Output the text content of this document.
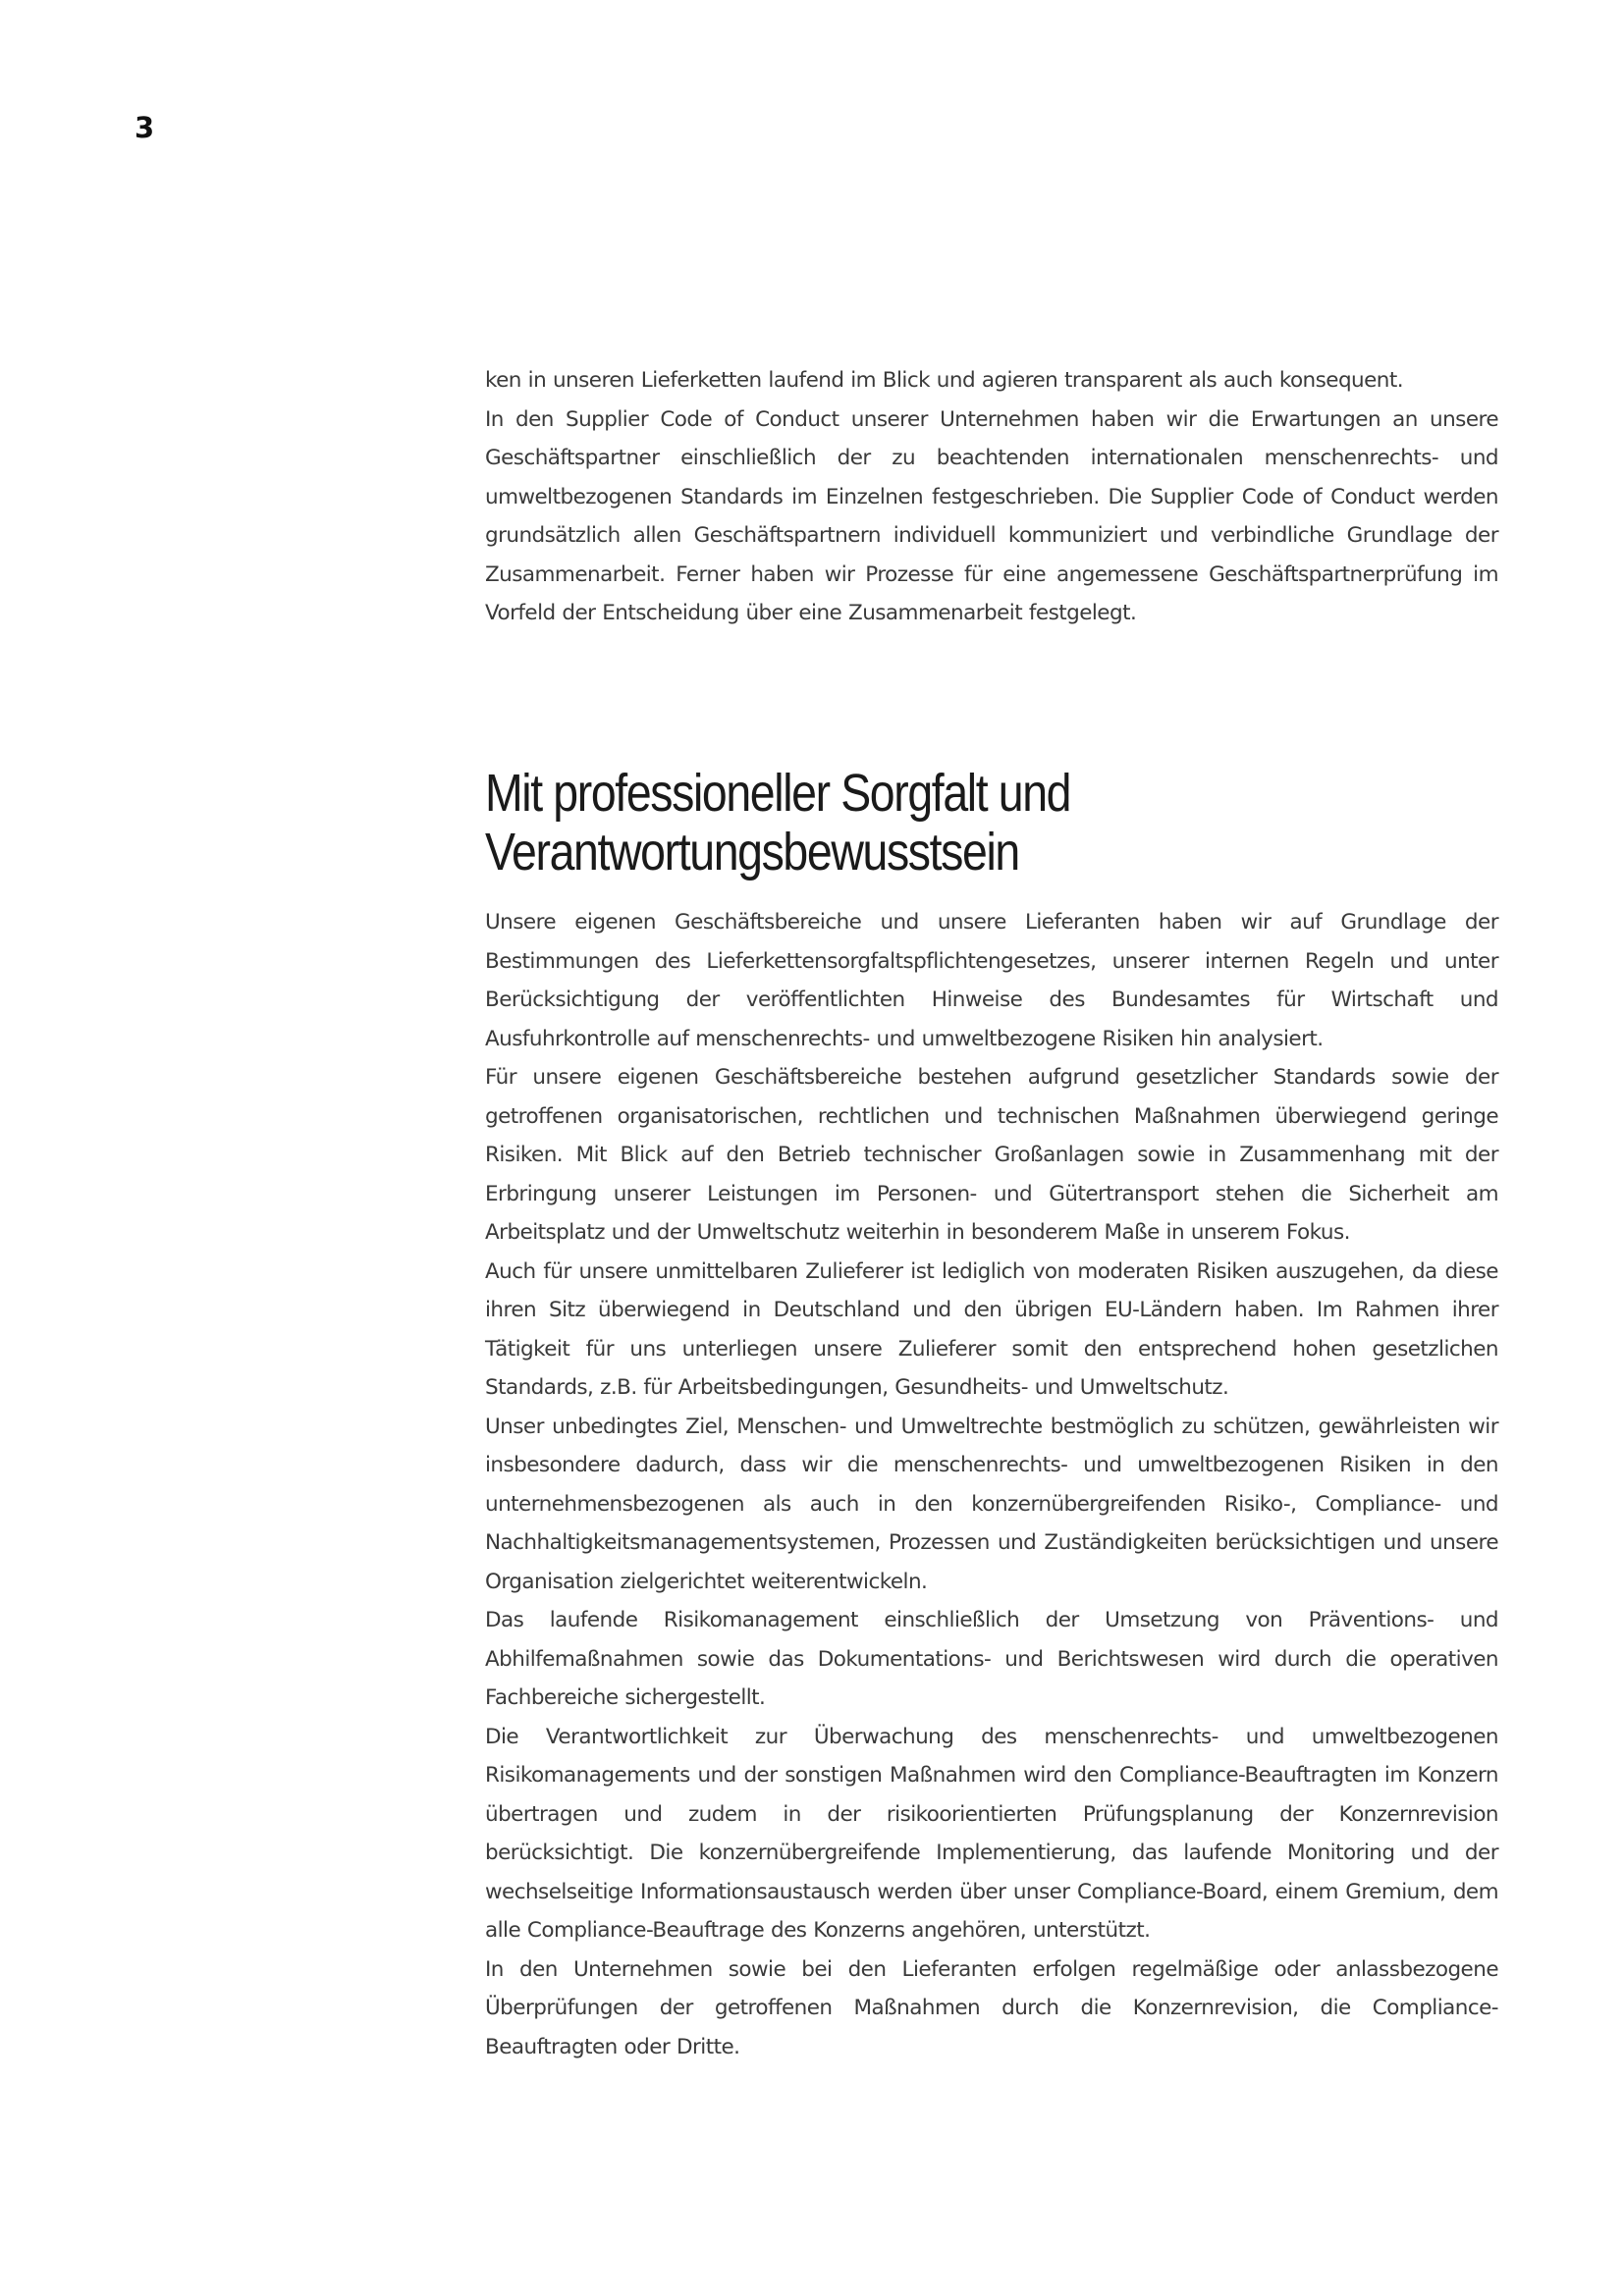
3

ken in unseren Lieferketten laufend im Blick und agieren transparent als auch konsequent.

In den Supplier Code of Conduct unserer Unternehmen haben wir die Erwartungen an unsere Geschäftspartner einschließlich der zu beachtenden internationalen menschenrechts- und umweltbezogenen Standards im Einzelnen festgeschrieben. Die Supplier Code of Conduct werden grundsätzlich allen Geschäftspartnern individuell kommuniziert und verbindliche Grundlage der Zusammenarbeit. Ferner haben wir Prozesse für eine angemessene Geschäftspartnerprüfung im Vorfeld der Entscheidung über eine Zusammenarbeit festgelegt.

Mit professioneller Sorgfalt und
Verantwortungsbewusstsein

Unsere eigenen Geschäftsbereiche und unsere Lieferanten haben wir auf Grundlage der Bestimmungen des Lieferkettensorgfaltspflichtengesetzes, unserer internen Regeln und unter Berücksichtigung der veröffentlichten Hinweise des Bundesamtes für Wirtschaft und Ausfuhrkontrolle auf menschenrechts- und umweltbezogene Risiken hin analysiert.

Für unsere eigenen Geschäftsbereiche bestehen aufgrund gesetzlicher Standards sowie der getroffenen organisatorischen, rechtlichen und technischen Maßnahmen überwiegend geringe Risiken. Mit Blick auf den Betrieb technischer Großanlagen sowie in Zusammenhang mit der Erbringung unserer Leistungen im Personen- und Gütertransport stehen die Sicherheit am Arbeitsplatz und der Umweltschutz weiterhin in besonderem Maße in unserem Fokus.

Auch für unsere unmittelbaren Zulieferer ist lediglich von moderaten Risiken auszugehen, da diese ihren Sitz überwiegend in Deutschland und den übrigen EU-Ländern haben. Im Rahmen ihrer Tätigkeit für uns unterliegen unsere Zulieferer somit den entsprechend hohen gesetzlichen Standards, z.B. für Arbeitsbedingungen, Gesundheits- und Umweltschutz.

Unser unbedingtes Ziel, Menschen- und Umweltrechte bestmöglich zu schützen, gewährleisten wir insbesondere dadurch, dass wir die menschenrechts- und umweltbezogenen Risiken in den unternehmensbezogenen als auch in den konzernübergreifenden Risiko-, Compliance- und Nachhaltigkeitsmanagementsystemen, Prozessen und Zuständigkeiten berücksichtigen und unsere Organisation zielgerichtet weiterentwickeln.

Das laufende Risikomanagement einschließlich der Umsetzung von Präventions- und Abhilfemaßnahmen sowie das Dokumentations- und Berichtswesen wird durch die operativen Fachbereiche sichergestellt.

Die Verantwortlichkeit zur Überwachung des menschenrechts- und umweltbezogenen Risikomanagements und der sonstigen Maßnahmen wird den Compliance-Beauftragten im Konzern übertragen und zudem in der risikoorientierten Prüfungsplanung der Konzernrevision berücksichtigt. Die konzernübergreifende Implementierung, das laufende Monitoring und der wechselseitige Informationsaustausch werden über unser Compliance-Board, einem Gremium, dem alle Compliance-Beauftrage des Konzerns angehören, unterstützt.

In den Unternehmen sowie bei den Lieferanten erfolgen regelmäßige oder anlassbezogene Überprüfungen der getroffenen Maßnahmen durch die Konzernrevision, die Compliance-Beauftragten oder Dritte.
